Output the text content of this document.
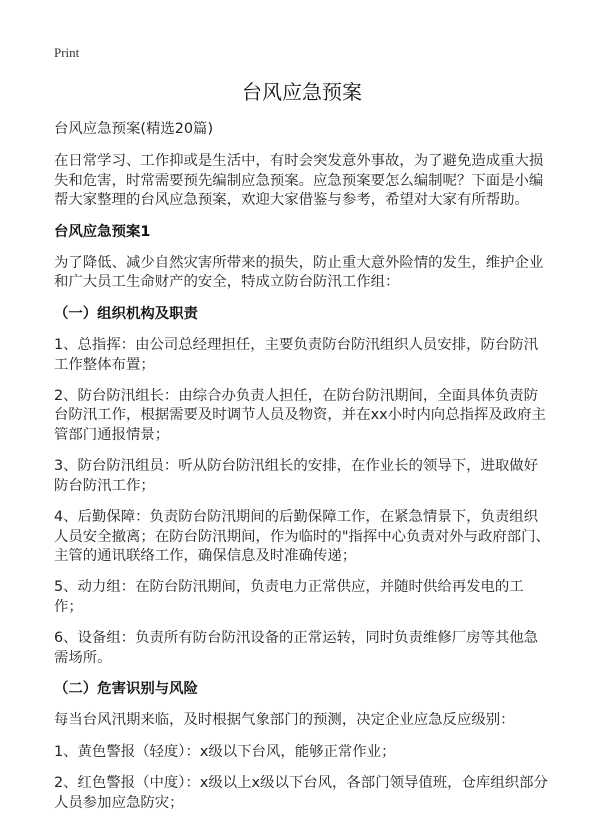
Print
台风应急预案

台风应急预案(精选20篇)

在日常学习、工作抑或是生活中，有时会突发意外事故，为了避免造成重大损失和危害，时常需要预先编制应急预案。应急预案要怎么编制呢？下面是小编帮大家整理的台风应急预案，欢迎大家借鉴与参考，希望对大家有所帮助。

台风应急预案1

为了降低、减少自然灾害所带来的损失，防止重大意外险情的发生，维护企业和广大员工生命财产的安全，特成立防台防汛工作组：

（一）组织机构及职责

1、总指挥：由公司总经理担任，主要负责防台防汛组织人员安排，防台防汛工作整体布置；

2、防台防汛组长：由综合办负责人担任，在防台防汛期间，全面具体负责防台防汛工作，根据需要及时调节人员及物资，并在xx小时内向总指挥及政府主管部门通报情景；

3、防台防汛组员：听从防台防汛组长的安排，在作业长的领导下，进取做好防台防汛工作；

4、后勤保障：负责防台防汛期间的后勤保障工作，在紧急情景下，负责组织人员安全撤离；在防台防汛期间，作为临时的"指挥中心负责对外与政府部门、主管的通讯联络工作，确保信息及时准确传递；

5、动力组：在防台防汛期间，负责电力正常供应，并随时供给再发电的工作；

6、设备组：负责所有防台防汛设备的正常运转，同时负责维修厂房等其他急需场所。

（二）危害识别与风险

每当台风汛期来临，及时根据气象部门的预测，决定企业应急反应级别：

1、黄色警报（轻度）：x级以下台风，能够正常作业；

2、红色警报（中度）：x级以上x级以下台风，各部门领导值班，仓库组织部分人员参加应急防灾；
